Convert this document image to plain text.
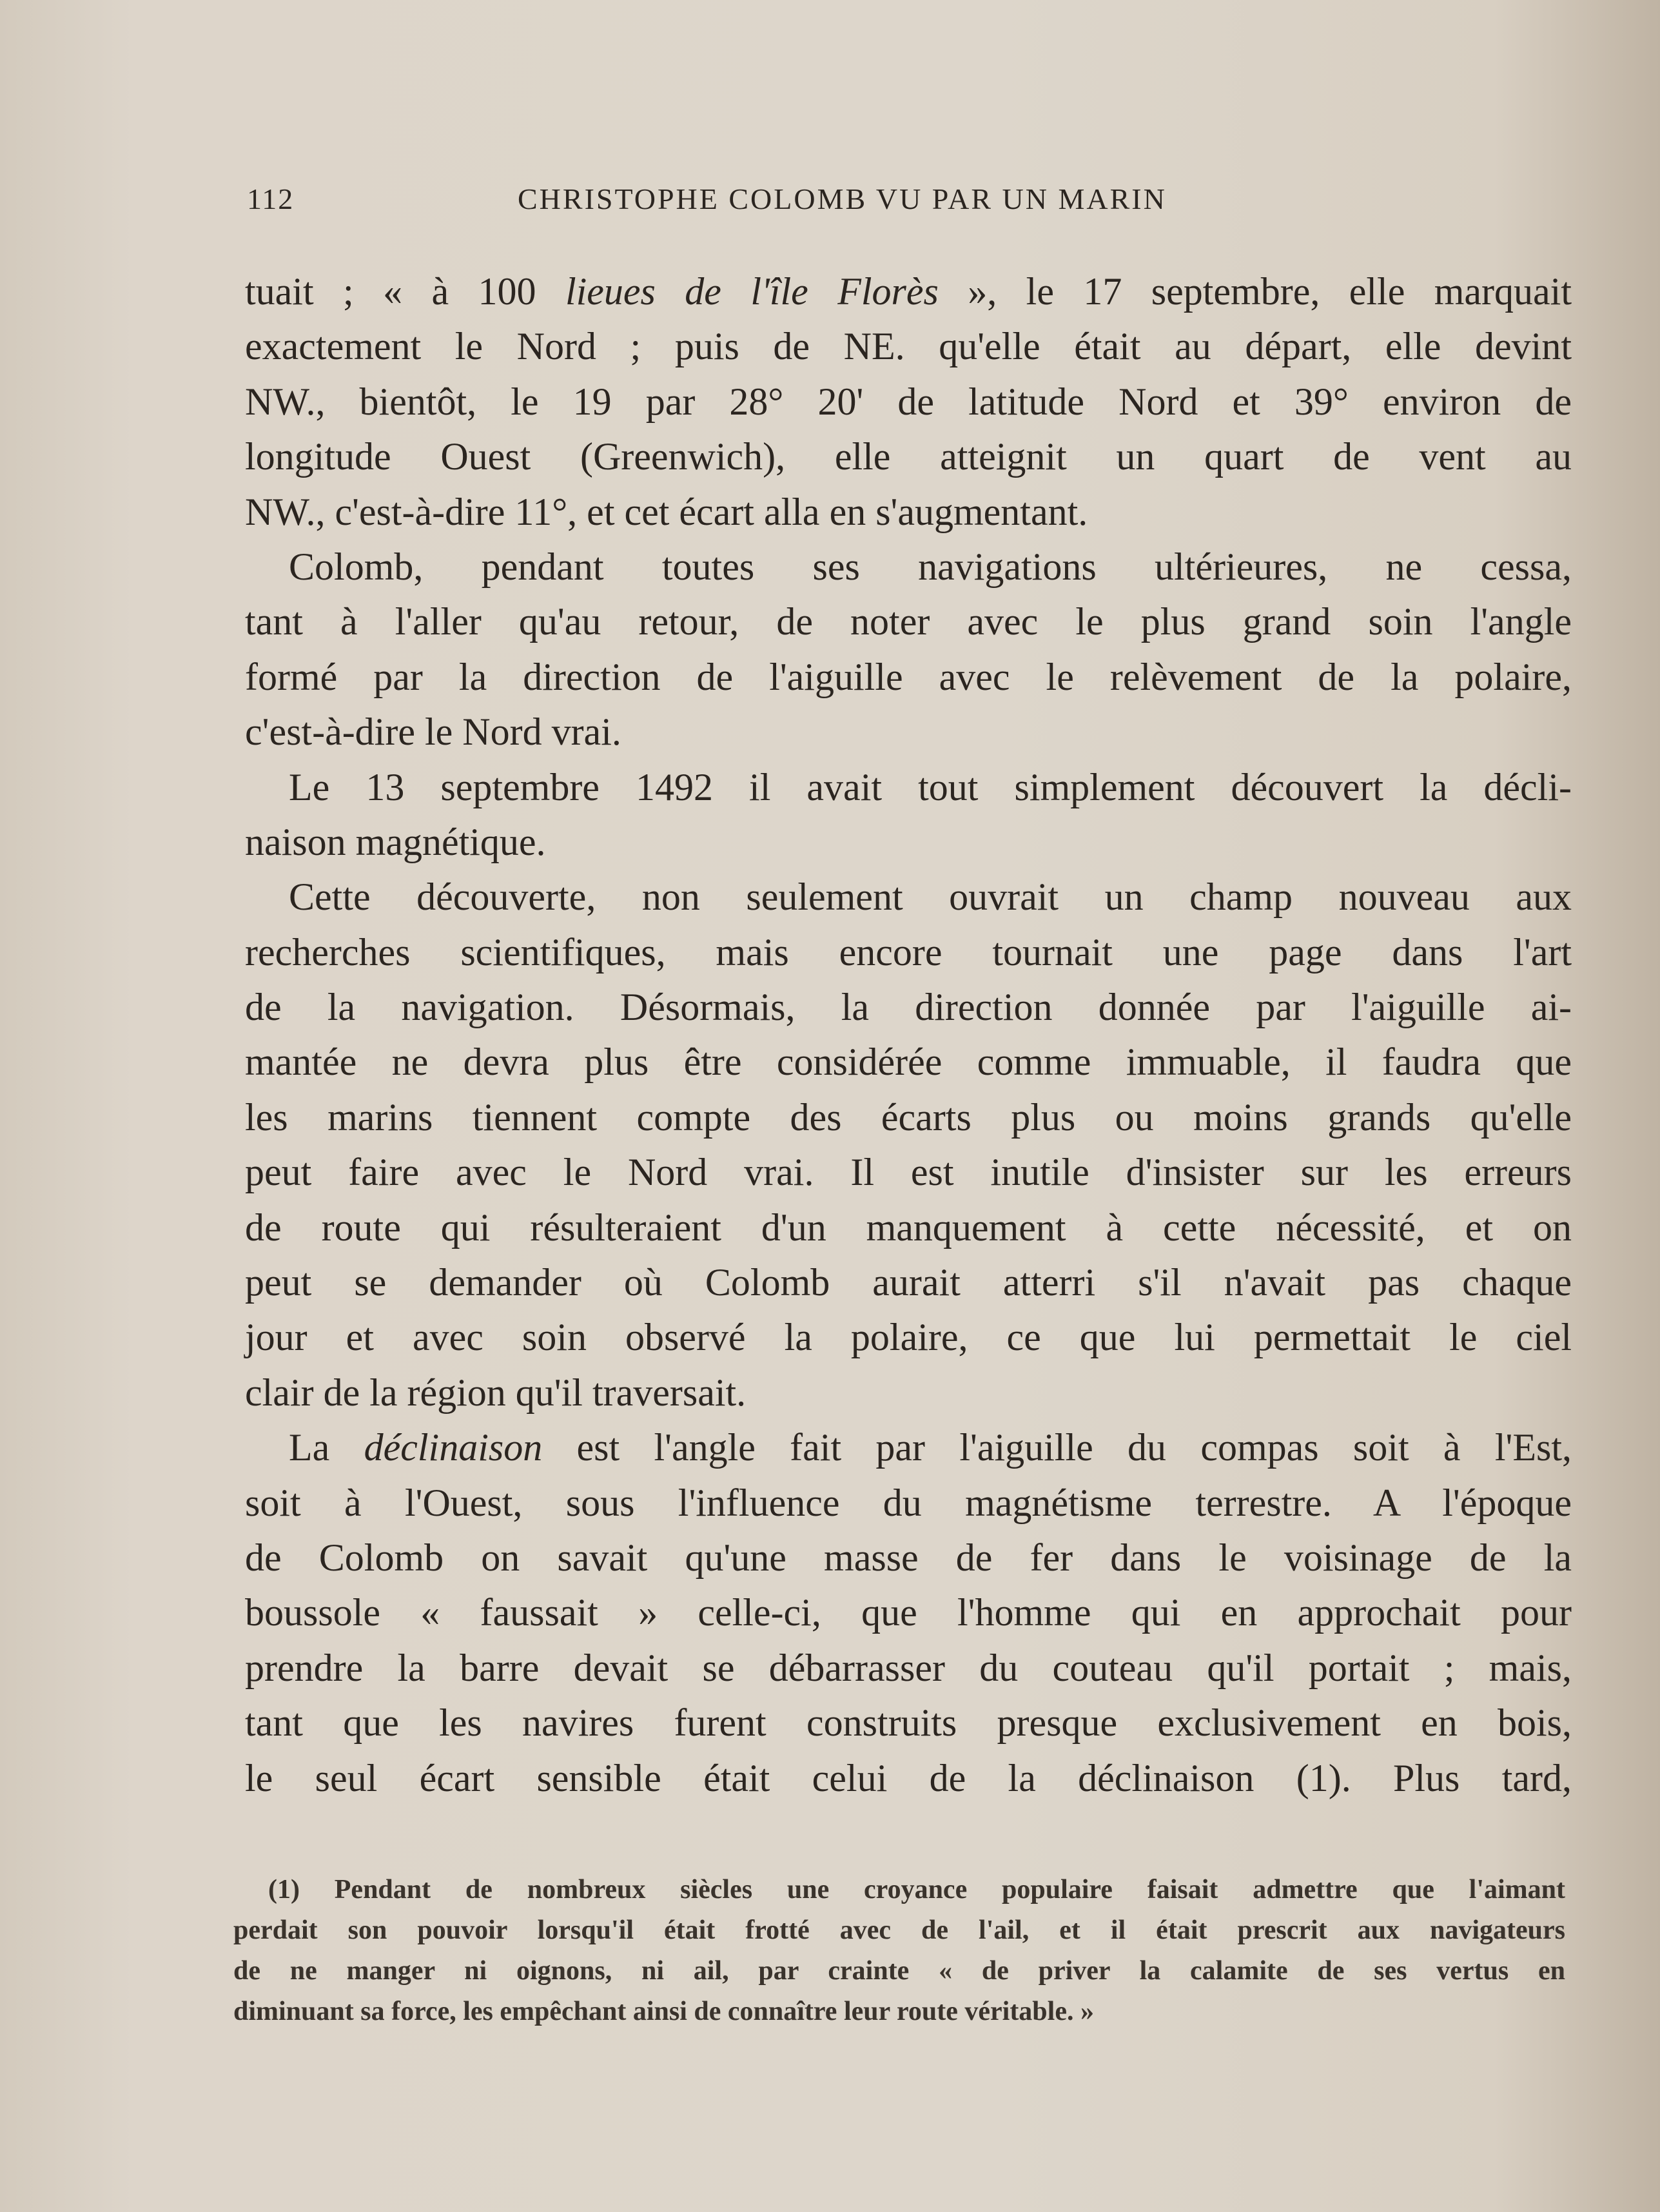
112	CHRISTOPHE COLOMB VU PAR UN MARIN
tuait ; « à 100 lieues de l'île Florès », le 17 septembre, elle marquait
exactement le Nord ; puis de NE. qu'elle était au départ, elle devint
NW., bientôt, le 19 par 28° 20' de latitude Nord et 39° environ de
longitude Ouest (Greenwich), elle atteignit un quart de vent au
NW., c'est-à-dire 11°, et cet écart alla en s'augmentant.
Colomb, pendant toutes ses navigations ultérieures, ne cessa,
tant à l'aller qu'au retour, de noter avec le plus grand soin l'angle
formé par la direction de l'aiguille avec le relèvement de la polaire,
c'est-à-dire le Nord vrai.
Le 13 septembre 1492 il avait tout simplement découvert la décli-
naison magnétique.
Cette découverte, non seulement ouvrait un champ nouveau aux
recherches scientifiques, mais encore tournait une page dans l'art
de la navigation. Désormais, la direction donnée par l'aiguille ai-
mantée ne devra plus être considérée comme immuable, il faudra que
les marins tiennent compte des écarts plus ou moins grands qu'elle
peut faire avec le Nord vrai. Il est inutile d'insister sur les erreurs
de route qui résulteraient d'un manquement à cette nécessité, et on
peut se demander où Colomb aurait atterri s'il n'avait pas chaque
jour et avec soin observé la polaire, ce que lui permettait le ciel
clair de la région qu'il traversait.
La déclinaison est l'angle fait par l'aiguille du compas soit à l'Est,
soit à l'Ouest, sous l'influence du magnétisme terrestre. A l'époque
de Colomb on savait qu'une masse de fer dans le voisinage de la
boussole « faussait » celle-ci, que l'homme qui en approchait pour
prendre la barre devait se débarrasser du couteau qu'il portait ; mais,
tant que les navires furent construits presque exclusivement en bois,
le seul écart sensible était celui de la déclinaison (1). Plus tard,
(1) Pendant de nombreux siècles une croyance populaire faisait admettre que l'aimant
perdait son pouvoir lorsqu'il était frotté avec de l'ail, et il était prescrit aux navigateurs
de ne manger ni oignons, ni ail, par crainte « de priver la calamite de ses vertus en
diminuant sa force, les empêchant ainsi de connaître leur route véritable. »
